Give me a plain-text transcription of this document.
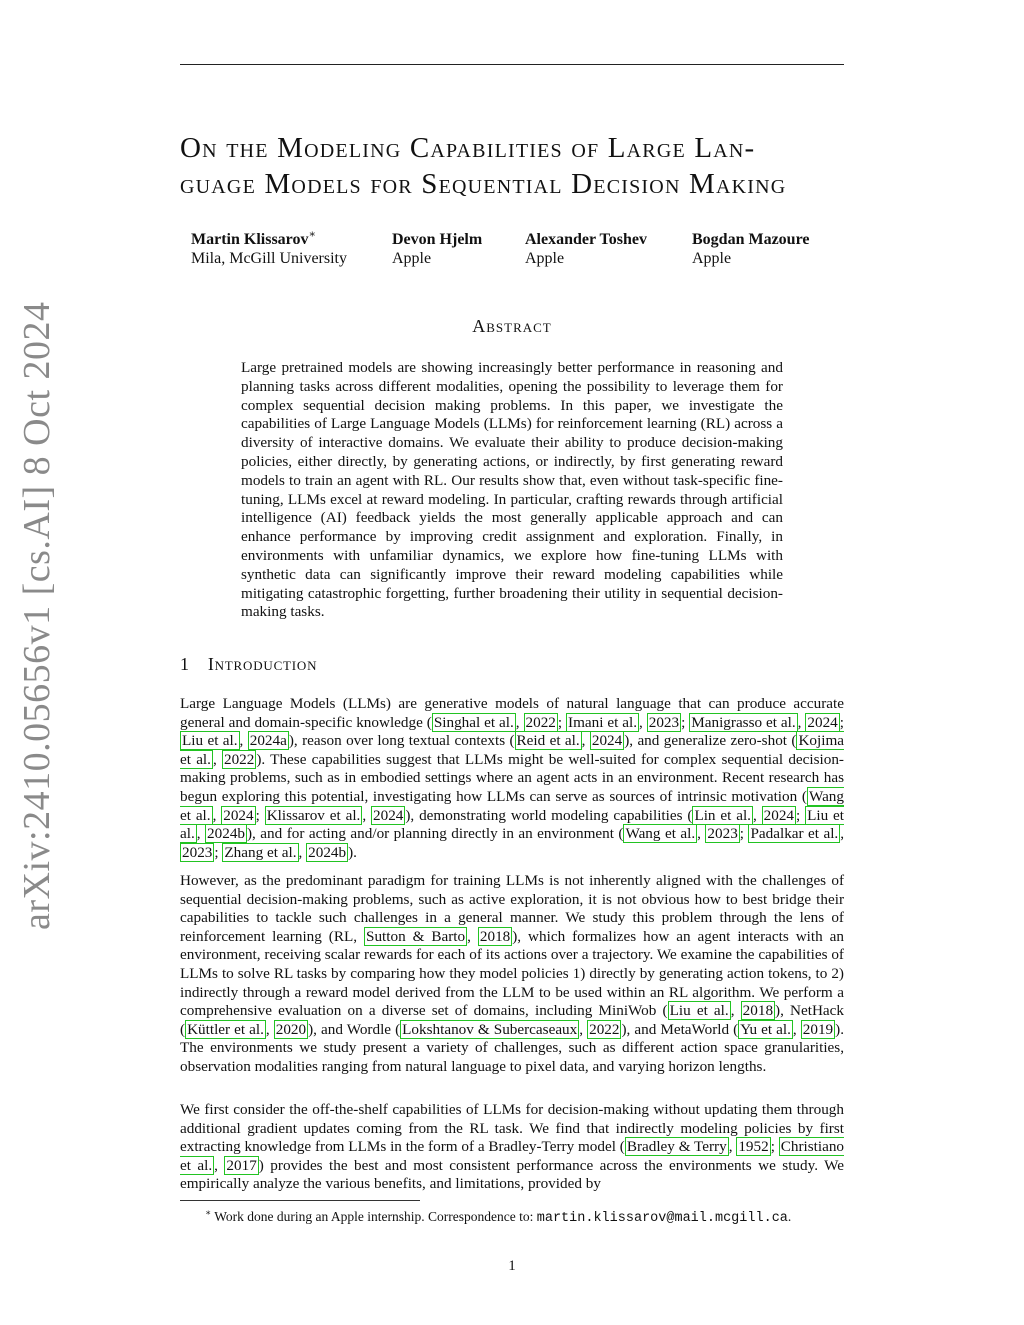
arXiv:2410.05656v1 [cs.AI] 8 Oct 2024
On the Modeling Capabilities of Large Lan-
guage Models for Sequential Decision Making
Martin Klissarov∗
Mila, McGill University
Devon Hjelm
Apple
Alexander Toshev
Apple
Bogdan Mazoure
Apple
Abstract

Large pretrained models are showing increasingly better performance in reasoning and planning tasks across different modalities, opening the possibility to leverage them for complex sequential decision making problems. In this paper, we investigate the capabilities of Large Language Models (LLMs) for reinforcement learning (RL) across a diversity of interactive domains. We evaluate their ability to produce decision-making policies, either directly, by generating actions, or indirectly, by first generating reward models to train an agent with RL. Our results show that, even without task-specific fine-tuning, LLMs excel at reward modeling. In particular, crafting rewards through artificial intelligence (AI) feedback yields the most generally applicable approach and can enhance performance by improving credit assignment and exploration. Finally, in environments with unfamiliar dynamics, we explore how fine-tuning LLMs with synthetic data can significantly improve their reward modeling capabilities while mitigating catastrophic forgetting, further broadening their utility in sequential decision-making tasks.

1 Introduction

Large Language Models (LLMs) are generative models of natural language that can produce accurate general and domain-specific knowledge ( Singhal et al. , 2022 ; Imani et al. , 2023 ; Manigrasso et al. , 2024 ; Liu et al. , 2024a ), reason over long textual contexts ( Reid et al. , 2024 ), and generalize zero-shot ( Kojima et al. , 2022 ). These capabilities suggest that LLMs might be well-suited for complex sequential decision-making problems, such as in embodied settings where an agent acts in an environment. Recent research has begun exploring this potential, investigating how LLMs can serve as sources of intrinsic motivation ( Wang et al. , 2024 ; Klissarov et al. , 2024 ), demonstrating world modeling capabilities ( Lin et al. , 2024 ; Liu et al. , 2024b ), and for acting and/or planning directly in an environment ( Wang et al. , 2023 ; Padalkar et al. , 2023 ; Zhang et al. , 2024b ).

However, as the predominant paradigm for training LLMs is not inherently aligned with the challenges of sequential decision-making problems, such as active exploration, it is not obvious how to best bridge their capabilities to tackle such challenges in a general manner. We study this problem through the lens of reinforcement learning (RL, Sutton & Barto , 2018 ), which formalizes how an agent interacts with an environment, receiving scalar rewards for each of its actions over a trajectory. We examine the capabilities of LLMs to solve RL tasks by comparing how they model policies 1) directly by generating action tokens, to 2) indirectly through a reward model derived from the LLM to be used within an RL algorithm. We perform a comprehensive evaluation on a diverse set of domains, including MiniWob ( Liu et al. , 2018 ), NetHack ( Küttler et al. , 2020 ), and Wordle ( Lokshtanov & Subercaseaux , 2022 ), and MetaWorld ( Yu et al. , 2019 ). The environments we study present a variety of challenges, such as different action space granularities, observation modalities ranging from natural language to pixel data, and varying horizon lengths.

We first consider the off-the-shelf capabilities of LLMs for decision-making without updating them through additional gradient updates coming from the RL task. We find that indirectly modeling policies by first extracting knowledge from LLMs in the form of a Bradley-Terry model ( Bradley & Terry , 1952 ; Christiano et al. , 2017 ) provides the best and most consistent performance across the environments we study. We empirically analyze the various benefits, and limitations, provided by

∗ Work done during an Apple internship. Correspondence to: martin.klissarov@mail.mcgill.ca.

1
